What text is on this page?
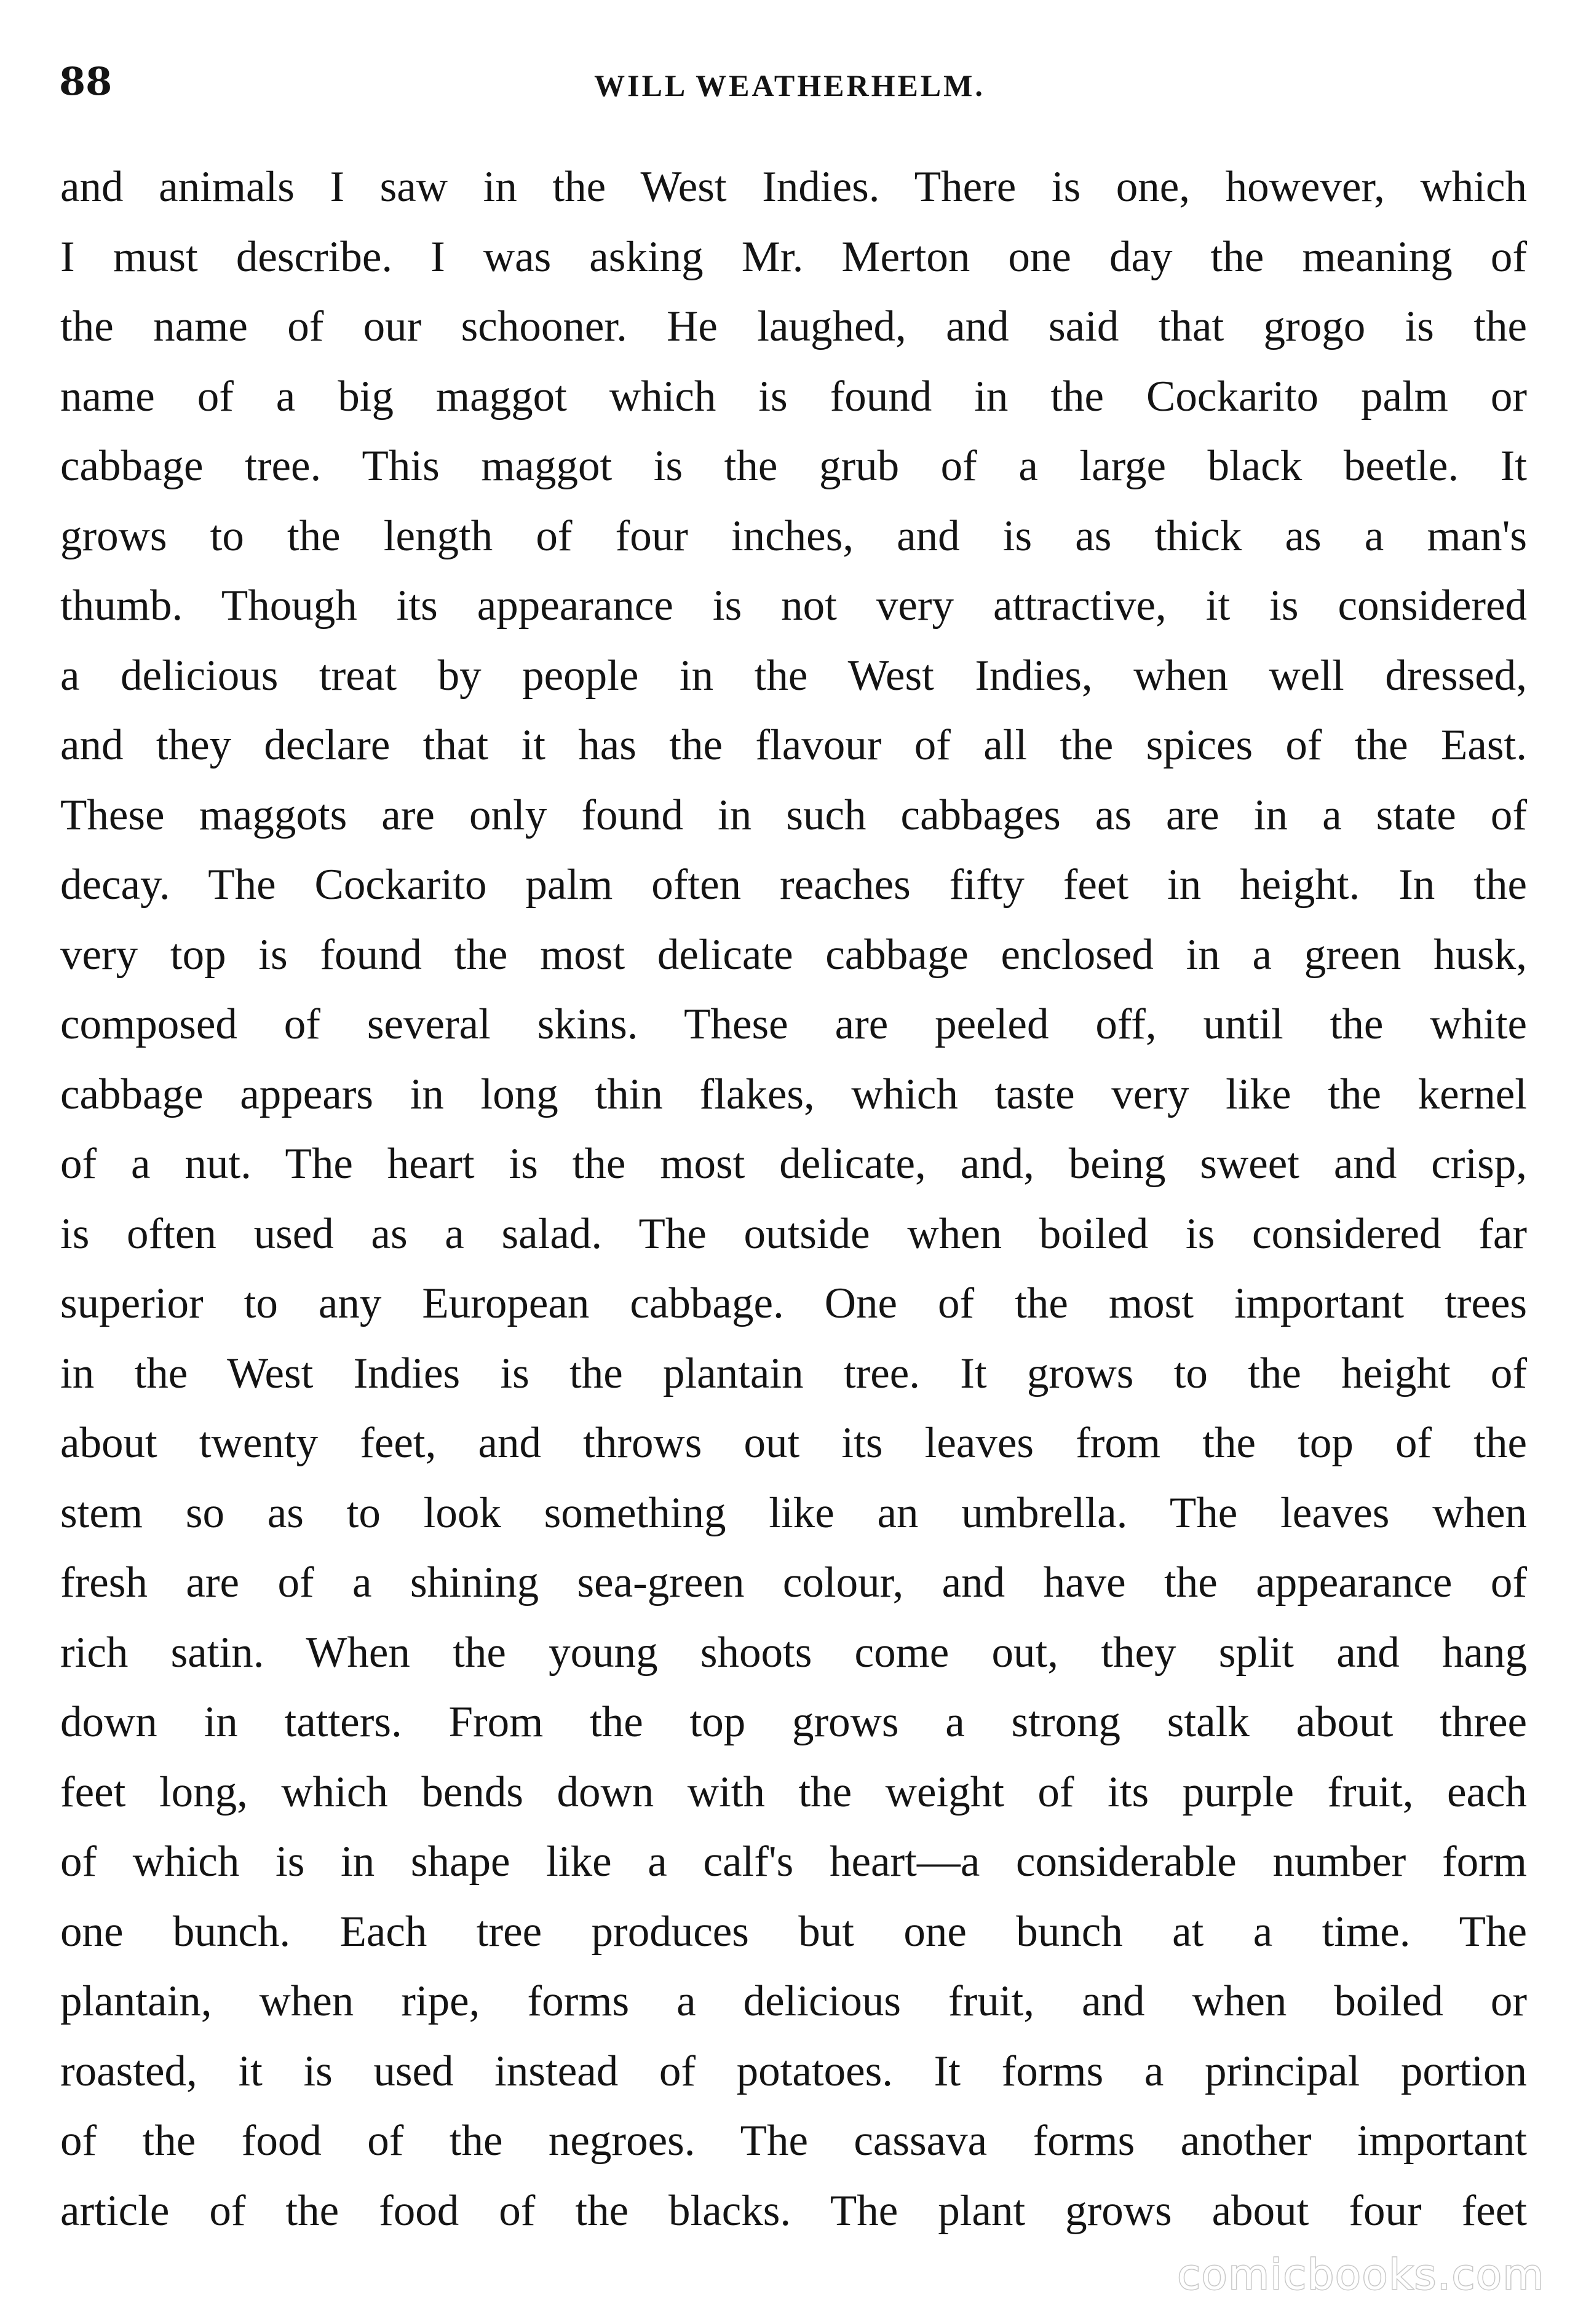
88	WILL WEATHERHELM.
and animals I saw in the West Indies. There is one, however, which
I must describe. I was asking Mr. Merton one day the meaning of
the name of our schooner. He laughed, and said that grogo is the
name of a big maggot which is found in the Cockarito palm or
cabbage tree. This maggot is the grub of a large black beetle. It
grows to the length of four inches, and is as thick as a man's
thumb. Though its appearance is not very attractive, it is considered
a delicious treat by people in the West Indies, when well dressed,
and they declare that it has the flavour of all the spices of the East.
These maggots are only found in such cabbages as are in a state of
decay. The Cockarito palm often reaches fifty feet in height. In the
very top is found the most delicate cabbage enclosed in a green husk,
composed of several skins. These are peeled off, until the white
cabbage appears in long thin flakes, which taste very like the kernel
of a nut. The heart is the most delicate, and, being sweet and crisp,
is often used as a salad. The outside when boiled is considered far
superior to any European cabbage. One of the most important trees
in the West Indies is the plantain tree. It grows to the height of
about twenty feet, and throws out its leaves from the top of the
stem so as to look something like an umbrella. The leaves when
fresh are of a shining sea-green colour, and have the appearance of
rich satin. When the young shoots come out, they split and hang
down in tatters. From the top grows a strong stalk about three
feet long, which bends down with the weight of its purple fruit, each
of which is in shape like a calf's heart—a considerable number form
one bunch. Each tree produces but one bunch at a time. The
plantain, when ripe, forms a delicious fruit, and when boiled or
roasted, it is used instead of potatoes. It forms a principal portion
of the food of the negroes. The cassava forms another important
article of the food of the blacks. The plant grows about four feet
comicbooks.com
